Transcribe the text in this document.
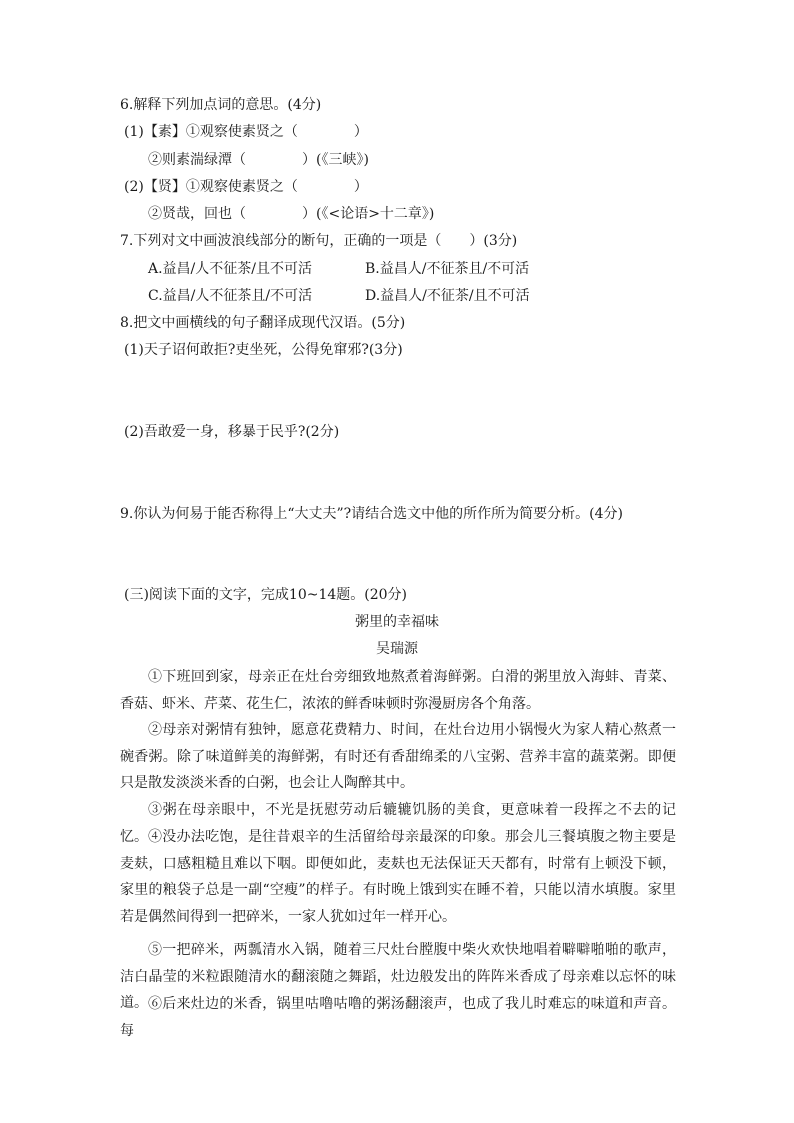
6.解释下列加点词的意思。(4分)
(1)【素】①观察使素贤之（　　　　）
②则素湍绿潭（　　　　）(《三峡》)
(2)【贤】①观察使素贤之（　　　　）
②贤哉，回也（　　　　）(《<论语>十二章》)
7.下列对文中画波浪线部分的断句，正确的一项是（　　）(3分)
A.益昌/人不征茶/且不可活	B.益昌人/不征茶且/不可活
C.益昌/人不征茶且/不可活	D.益昌人/不征茶/且不可活
8.把文中画横线的句子翻译成现代汉语。(5分)
(1)天子诏何敢拒?吏坐死，公得免窜邪?(3分)
(2)吾敢爱一身，移暴于民乎?(2分)
9.你认为何易于能否称得上“大丈夫”?请结合选文中他的所作所为简要分析。(4分)
(三)阅读下面的文字，完成10~14题。(20分)
粥里的幸福味
吴瑞源
①下班回到家，母亲正在灶台旁细致地熬煮着海鲜粥。白滑的粥里放入海蚌、青菜、香菇、虾米、芹菜、花生仁，浓浓的鲜香味顿时弥漫厨房各个角落。
②母亲对粥情有独钟，愿意花费精力、时间，在灶台边用小锅慢火为家人精心熬煮一碗香粥。除了味道鲜美的海鲜粥，有时还有香甜绵柔的八宝粥、营养丰富的蔬菜粥。即便只是散发淡淡米香的白粥，也会让人陶醉其中。
③粥在母亲眼中，不光是抚慰劳动后辘辘饥肠的美食，更意味着一段挥之不去的记忆。 ④没办法吃饱，是往昔艰辛的生活留给母亲最深的印象。那会儿三餐填腹之物主要是麦麸，口感粗糙且难以下咽。即便如此，麦麸也无法保证天天都有，时常有上顿没下顿，家里的粮袋子总是一副“空瘦”的样子。有时晚上饿到实在睡不着，只能以清水填腹。家里若是偶然间得到一把碎米，一家人犹如过年一样开心。
⑤一把碎米，两瓢清水入锅，随着三尺灶台膛腹中柴火欢快地唱着噼噼啪啪的歌声，洁白晶莹的米粒跟随清水的翻滚随之舞蹈，灶边般发出的阵阵米香成了母亲难以忘怀的味道。 ⑥后来灶边的米香，锅里咕噜咕噜的粥汤翻滚声，也成了我儿时难忘的味道和声音。每
